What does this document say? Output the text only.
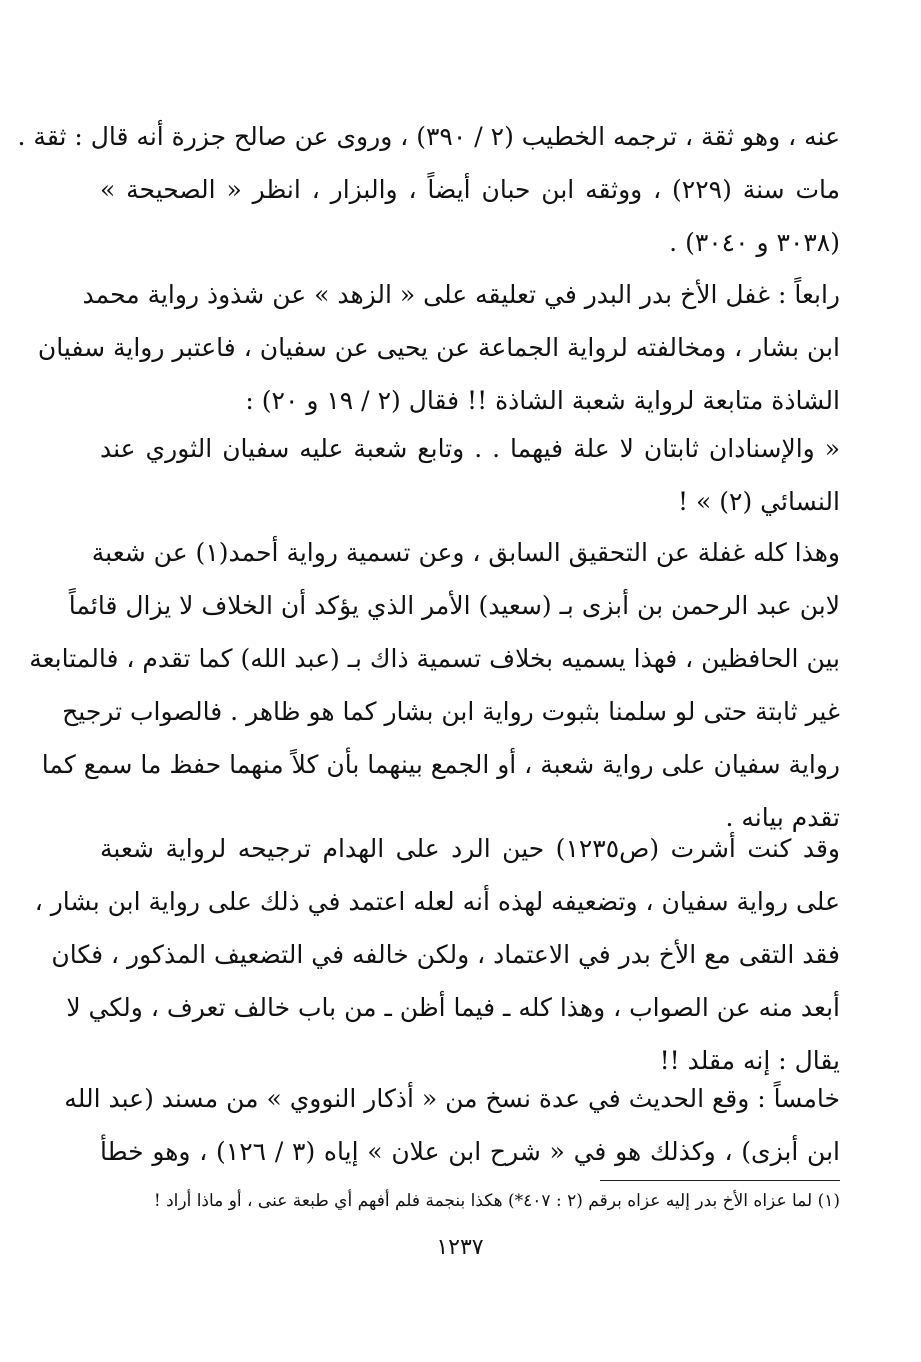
عنه ، وهو ثقة ، ترجمه الخطيب (٢ / ٣٩٠) ، وروى عن صالح جزرة أنه قال : ثقة .
مات سنة (٢٢٩) ، ووثقه ابن حبان أيضاً ، والبزار ، انظر « الصحيحة »
(٣٠٣٨ و ٣٠٤٠) .
رابعاً : غفل الأخ بدر البدر في تعليقه على « الزهد » عن شذوذ رواية محمد
ابن بشار ، ومخالفته لرواية الجماعة عن يحيى عن سفيان ، فاعتبر رواية سفيان
الشاذة متابعة لرواية شعبة الشاذة !! فقال (٢ / ١٩ و ٢٠) :
« والإسنادان ثابتان لا علة فيهما . . وتابع شعبة عليه سفيان الثوري عند
النسائي (٢) » !
وهذا كله غفلة عن التحقيق السابق ، وعن تسمية رواية أحمد(١) عن شعبة
لابن عبد الرحمن بن أبزى بـ (سعيد) الأمر الذي يؤكد أن الخلاف لا يزال قائماً
بين الحافظين ، فهذا يسميه بخلاف تسمية ذاك بـ (عبد الله) كما تقدم ، فالمتابعة
غير ثابتة حتى لو سلمنا بثبوت رواية ابن بشار كما هو ظاهر . فالصواب ترجيح
رواية سفيان على رواية شعبة ، أو الجمع بينهما بأن كلاً منهما حفظ ما سمع كما
تقدم بيانه .
وقد كنت أشرت (ص١٢٣٥) حين الرد على الهدام ترجيحه لرواية شعبة
على رواية سفيان ، وتضعيفه لهذه أنه لعله اعتمد في ذلك على رواية ابن بشار ،
فقد التقى مع الأخ بدر في الاعتماد ، ولكن خالفه في التضعيف المذكور ، فكان
أبعد منه عن الصواب ، وهذا كله ـ فيما أظن ـ من باب خالف تعرف ، ولكي لا
يقال : إنه مقلد !!
خامساً : وقع الحديث في عدة نسخ من « أذكار النووي » من مسند (عبد الله
ابن أبزى) ، وكذلك هو في « شرح ابن علان » إياه (٣ / ١٢٦) ، وهو خطأ
(١) لما عزاه الأخ بدر إليه عزاه برقم (٢ : ٤٠٧*) هكذا بنجمة فلم أفهم أي طبعة عنى ، أو ماذا أراد !
١٢٣٧
